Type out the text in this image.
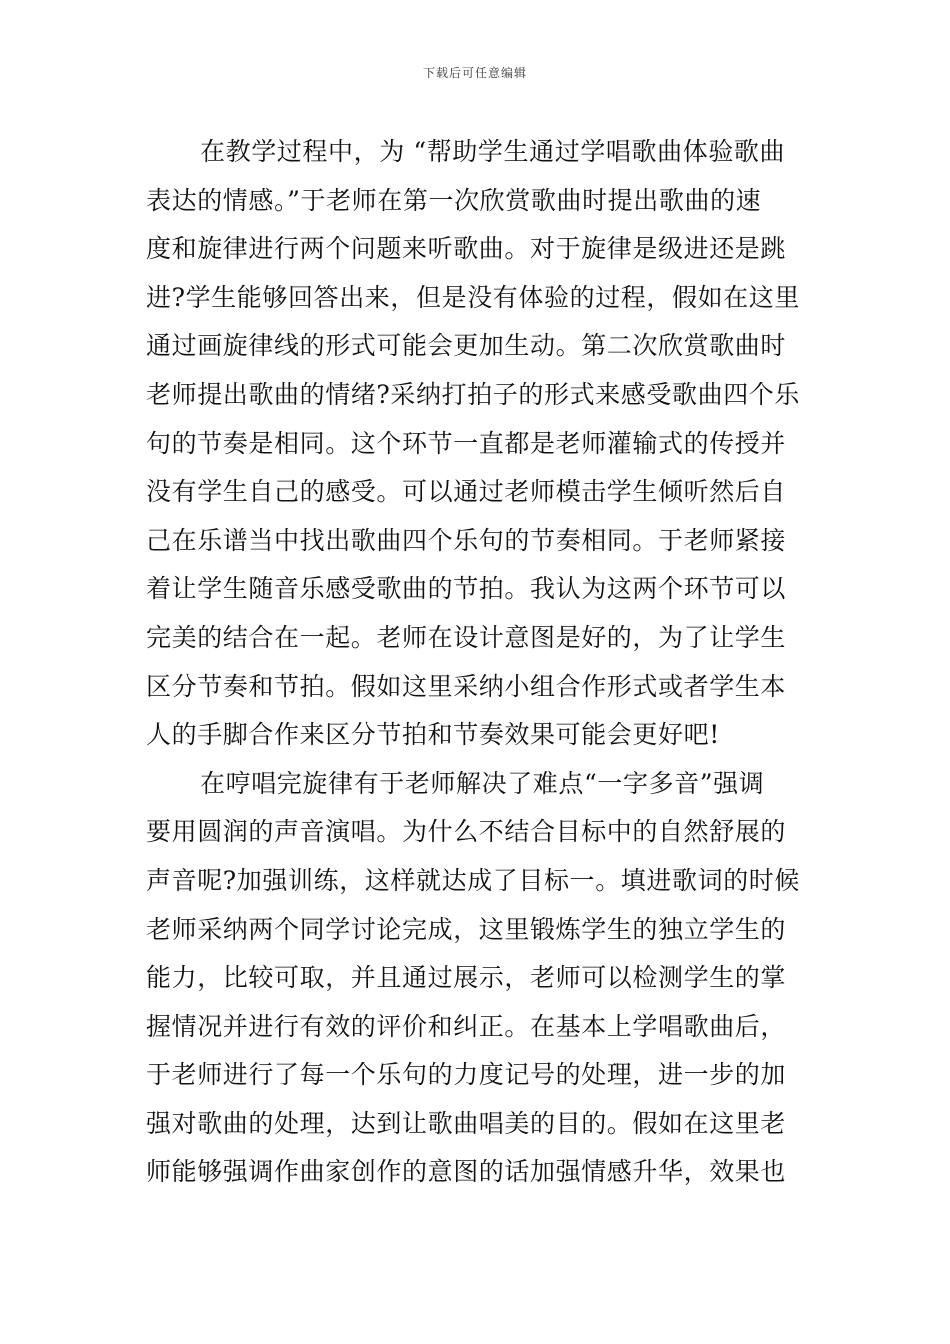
下载后可任意编辑
在教学过程中，为 “帮助学生通过学唱歌曲体验歌曲
表达的情感。”于老师在第一次欣赏歌曲时提出歌曲的速
度和旋律进行两个问题来听歌曲。对于旋律是级进还是跳
进?学生能够回答出来，但是没有体验的过程，假如在这里
通过画旋律线的形式可能会更加生动。第二次欣赏歌曲时
老师提出歌曲的情绪?采纳打拍子的形式来感受歌曲四个乐
句的节奏是相同。这个环节一直都是老师灌输式的传授并
没有学生自己的感受。可以通过老师模击学生倾听然后自
己在乐谱当中找出歌曲四个乐句的节奏相同。于老师紧接
着让学生随音乐感受歌曲的节拍。我认为这两个环节可以
完美的结合在一起。老师在设计意图是好的，为了让学生
区分节奏和节拍。假如这里采纳小组合作形式或者学生本
人的手脚合作来区分节拍和节奏效果可能会更好吧!
在哼唱完旋律有于老师解决了难点“一字多音”强调
要用圆润的声音演唱。为什么不结合目标中的自然舒展的
声音呢?加强训练，这样就达成了目标一。填进歌词的时候
老师采纳两个同学讨论完成，这里锻炼学生的独立学生的
能力，比较可取，并且通过展示，老师可以检测学生的掌
握情况并进行有效的评价和纠正。在基本上学唱歌曲后，
于老师进行了每一个乐句的力度记号的处理，进一步的加
强对歌曲的处理，达到让歌曲唱美的目的。假如在这里老
师能够强调作曲家创作的意图的话加强情感升华，效果也
